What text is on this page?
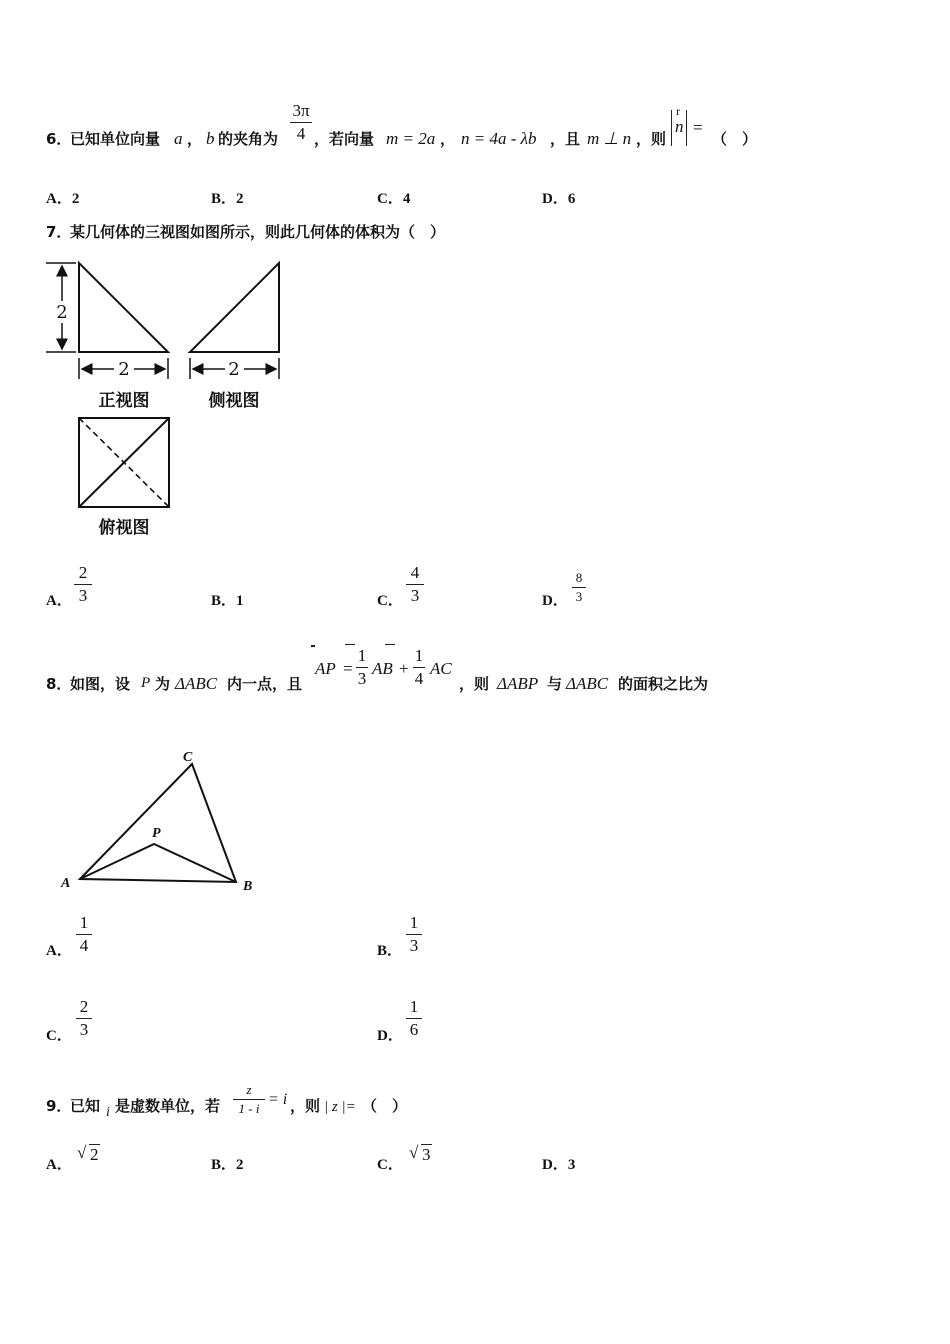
6．
已知单位向量 a ， b 的夹角为
3π
4 ，若向量 m = 2a ， n = 4a - λb ，且 m ⊥ n ，则
r
n =
（　）
A．2	B．2	C．4	D．6
7．
某几何体的三视图如图所示，则此几何体的体积为（　）
2
2	2
正视图	侧视图
俯视图
A．
2
3	B．1	C．
4
3	D．
8
3
8．
如图，设 P 为 ΔABC 内一点，且
AP =
1
3
AB +
1
4
AC
，则 ΔABP 与 ΔABC 的面积之比为
C
P
A	B
A．
1
4	B．
1
3
C．
2
3	D．
1
6
9．
已知 i 是虚数单位，若
z
1 - i
= i ，则 | z |= （　）
A．
√ 2
B．2	C．
√ 3
D．3
